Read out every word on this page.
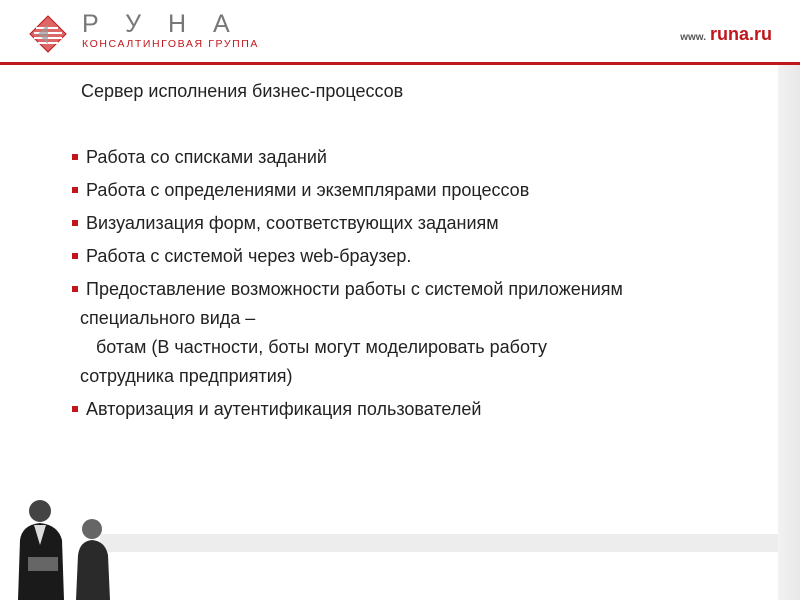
РУНА
КОНСАЛТИНГОВАЯ ГРУППА
www. runa.ru
Сервер исполнения бизнес-процессов
Работа со списками заданий
Работа с определениями и экземплярами процессов
Визуализация форм, соответствующих заданиям
Работа с системой через web-браузер.
Предоставление возможности работы с системой приложениям
специального вида –
ботам (В частности, боты могут моделировать работу
сотрудника предприятия)
Авторизация и аутентификация пользователей
